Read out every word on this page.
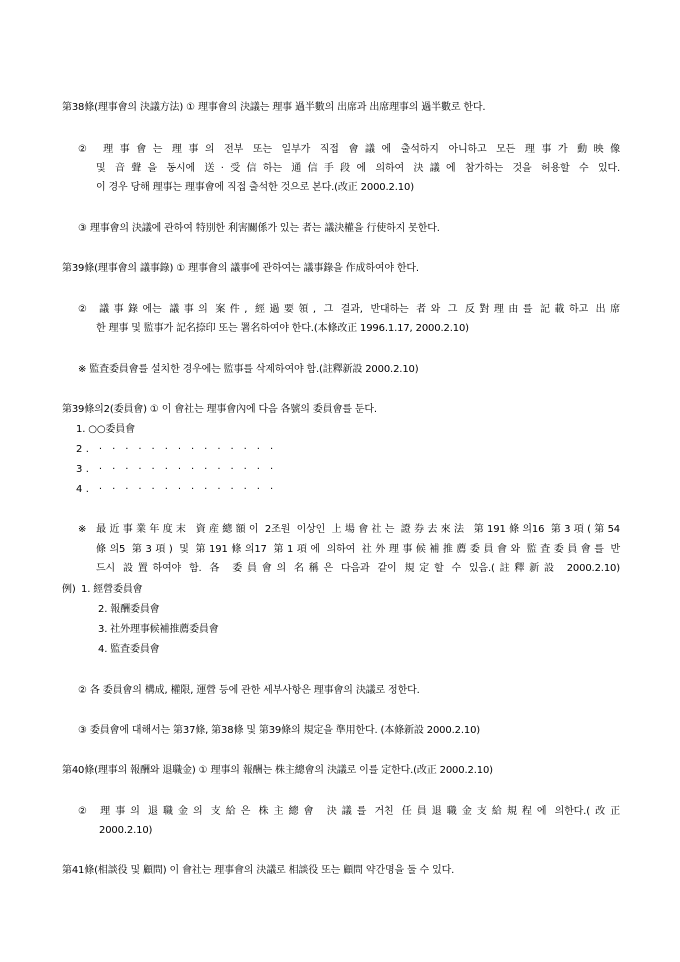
第38條(理事會의 決議方法) ① 理事會의 決議는 理事 過半數의 出席과 出席理事의 過半數로 한다.
② 理事會는 理事의 전부 또는 일부가 직접 會議에 출석하지 아니하고 모든 理事가 動映像
및 音聲을 동시에 送·受信하는 通信手段에 의하여 決議에 참가하는 것을 허용할 수 있다.
이 경우 당해 理事는 理事會에 직접 출석한 것으로 본다.(改正 2000.2.10)
③ 理事會의 決議에 관하여 特別한 利害關係가 있는 者는 議決權을 行使하지 못한다.
第39條(理事會의 議事錄) ① 理事會의 議事에 관하여는 議事錄을 作成하여야 한다.
② 議事錄에는 議事의 案件, 經過要領, 그 결과, 반대하는 者와 그 反對理由를 記載하고 出席
한 理事 및 監事가 記名捺印 또는 署名하여야 한다.(本條改正 1996.1.17, 2000.2.10)
※ 監査委員會를 설치한 경우에는 監事를 삭제하여야 함.(註釋新設 2000.2.10)
第39條의2(委員會) ① 이 會社는 理事會內에 다음 各號의 委員會를 둔다.
1. ○○委員會
2. · · · · · · · · · · · · · ·
3. · · · · · · · · · · · · · ·
4. · · · · · · · · · · · · · ·
※ 最近事業年度末 資産總額이 2조원 이상인 上場會社는 證券去來法 第191條의16 第3項(第54
條의5 第3項) 및 第191條의17 第1項에 의하여 社外理事候補推薦委員會와 監査委員會를 반
드시 設置하여야 함. 各 委員會의 名稱은 다음과 같이 規定할 수 있음.(註釋新設 2000.2.10)
例) 1. 經營委員會
2. 報酬委員會
3. 社外理事候補推薦委員會
4. 監査委員會
② 各 委員會의 構成, 權限, 運營 등에 관한 세부사항은 理事會의 決議로 정한다.
③ 委員會에 대해서는 第37條, 第38條 및 第39條의 規定을 準用한다. (本條新設 2000.2.10)
第40條(理事의 報酬와 退職金) ① 理事의 報酬는 株主總會의 決議로 이를 定한다.(改正 2000.2.10)
② 理事의 退職金의 支給은 株主總會 決議를 거친 任員退職金支給規程에 의한다.(改正
2000.2.10)
第41條(相談役 및 顧問) 이 會社는 理事會의 決議로 相談役 또는 顧問 약간명을 둘 수 있다.
